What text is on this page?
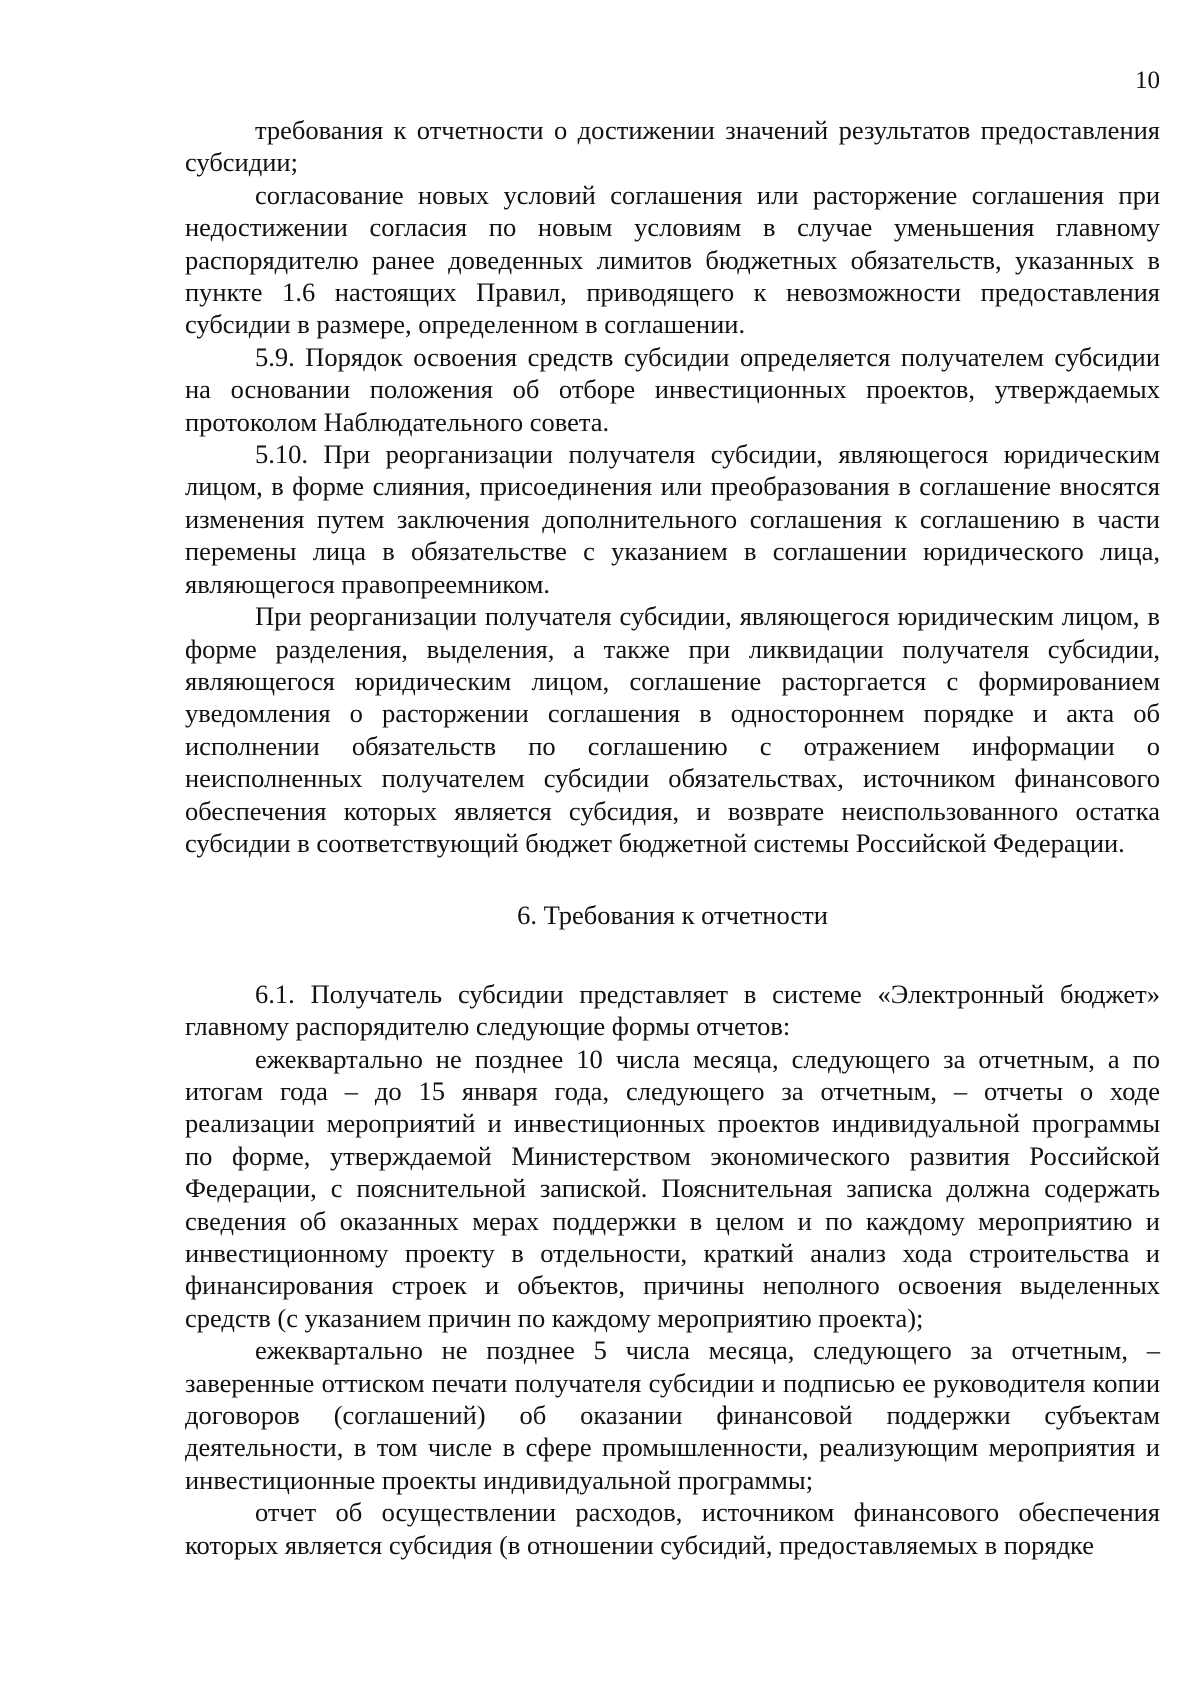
10

требования к отчетности о достижении значений результатов предоставления субсидии;

согласование новых условий соглашения или расторжение соглашения при недостижении согласия по новым условиям в случае уменьшения главному распорядителю ранее доведенных лимитов бюджетных обязательств, указанных в пункте 1.6 настоящих Правил, приводящего к невозможности предоставления субсидии в размере, определенном в соглашении.

5.9. Порядок освоения средств субсидии определяется получателем субсидии на основании положения об отборе инвестиционных проектов, утверждаемых протоколом Наблюдательного совета.

5.10. При реорганизации получателя субсидии, являющегося юридическим лицом, в форме слияния, присоединения или преобразования в соглашение вносятся изменения путем заключения дополнительного соглашения к соглашению в части перемены лица в обязательстве с указанием в соглашении юридического лица, являющегося правопреемником.

При реорганизации получателя субсидии, являющегося юридическим лицом, в форме разделения, выделения, а также при ликвидации получателя субсидии, являющегося юридическим лицом, соглашение расторгается с формированием уведомления о расторжении соглашения в одностороннем порядке и акта об исполнении обязательств по соглашению с отражением информации о неисполненных получателем субсидии обязательствах, источником финансового обеспечения которых является субсидия, и возврате неиспользованного остатка субсидии в соответствующий бюджет бюджетной системы Российской Федерации.

6. Требования к отчетности

6.1. Получатель субсидии представляет в системе «Электронный бюджет» главному распорядителю следующие формы отчетов:

ежеквартально не позднее 10 числа месяца, следующего за отчетным, а по итогам года – до 15 января года, следующего за отчетным, – отчеты о ходе реализации мероприятий и инвестиционных проектов индивидуальной программы по форме, утверждаемой Министерством экономического развития Российской Федерации, с пояснительной запиской. Пояснительная записка должна содержать сведения об оказанных мерах поддержки в целом и по каждому мероприятию и инвестиционному проекту в отдельности, краткий анализ хода строительства и финансирования строек и объектов, причины неполного освоения выделенных средств (с указанием причин по каждому мероприятию проекта);

ежеквартально не позднее 5 числа месяца, следующего за отчетным, – заверенные оттиском печати получателя субсидии и подписью ее руководителя копии договоров (соглашений) об оказании финансовой поддержки субъектам деятельности, в том числе в сфере промышленности, реализующим мероприятия и инвестиционные проекты индивидуальной программы;

отчет об осуществлении расходов, источником финансового обеспечения которых является субсидия (в отношении субсидий, предоставляемых в порядке
